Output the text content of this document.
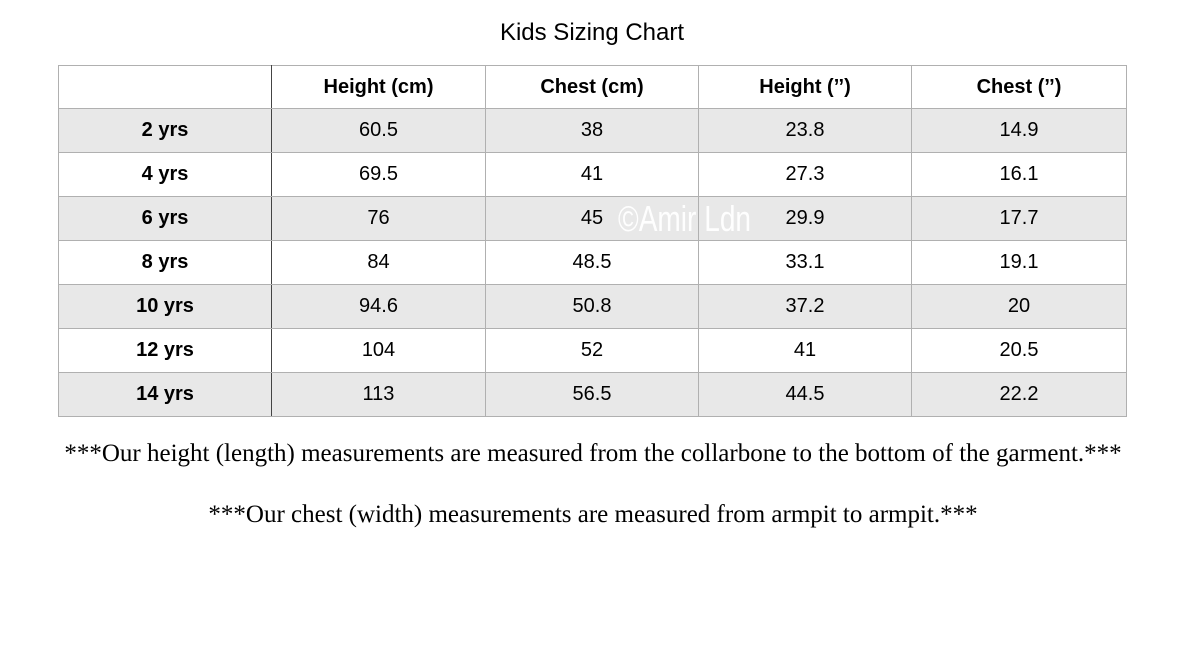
Kids Sizing Chart
	Height (cm)	Chest (cm)	Height (’’)	Chest (’’)
2 yrs	60.5	38	23.8	14.9
4 yrs	69.5	41	27.3	16.1
6 yrs	76	45	29.9	17.7
8 yrs	84	48.5	33.1	19.1
10 yrs	94.6	50.8	37.2	20
12 yrs	104	52	41	20.5
14 yrs	113	56.5	44.5	22.2
©Amir Ldn
***Our height (length) measurements are measured from the collarbone to the bottom of the garment.***
***Our chest (width) measurements are measured from armpit to armpit.***
